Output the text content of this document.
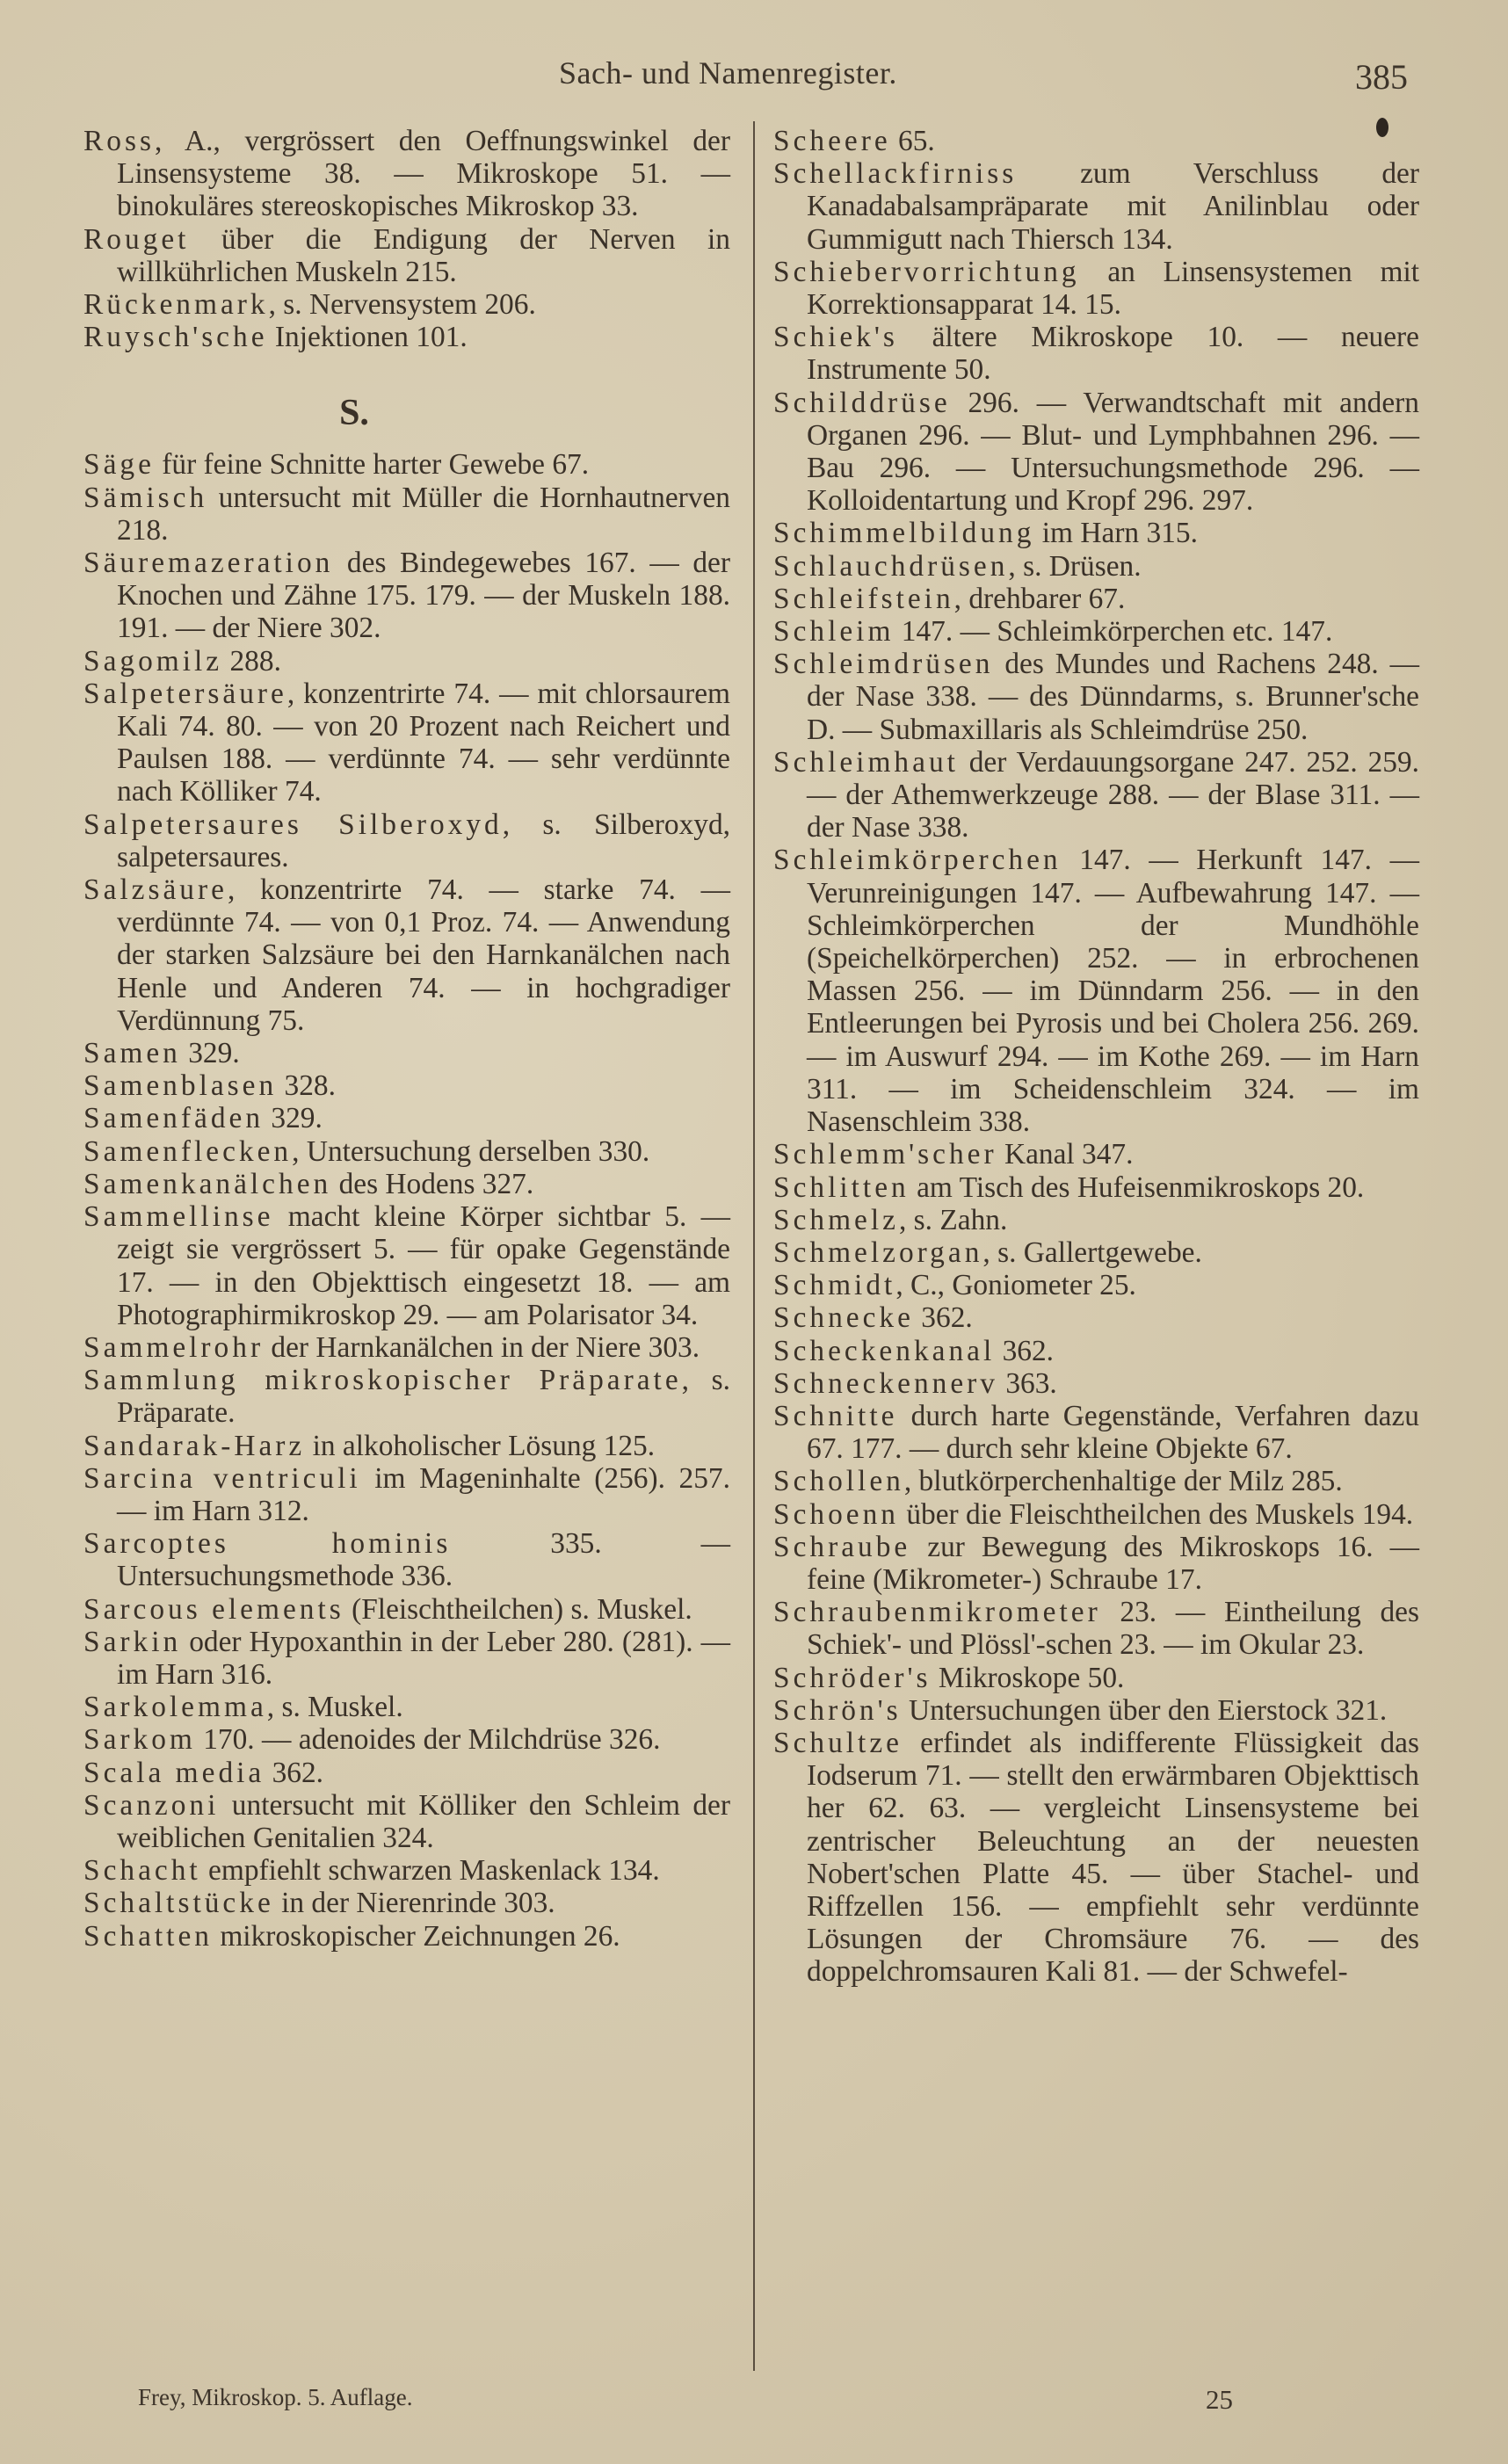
Sach- und Namenregister.	385

Ross, A., vergrössert den Oeffnungswinkel der Linsensysteme 38. — Mikroskope 51. — binokuläres stereoskopisches Mikroskop 33.

Rouget über die Endigung der Nerven in willkührlichen Muskeln 215.

Rückenmark, s. Nervensystem 206.

Ruysch'sche Injektionen 101.

S.

Säge für feine Schnitte harter Gewebe 67.

Sämisch untersucht mit Müller die Hornhautnerven 218.

Säuremazeration des Bindegewebes 167. — der Knochen und Zähne 175. 179. — der Muskeln 188. 191. — der Niere 302.

Sagomilz 288.

Salpetersäure, konzentrirte 74. — mit chlorsaurem Kali 74. 80. — von 20 Prozent nach Reichert und Paulsen 188. — verdünnte 74. — sehr verdünnte nach Kölliker 74.

Salpetersaures Silberoxyd, s. Silberoxyd, salpetersaures.

Salzsäure, konzentrirte 74. — starke 74. — verdünnte 74. — von 0,1 Proz. 74. — Anwendung der starken Salzsäure bei den Harnkanälchen nach Henle und Anderen 74. — in hochgradiger Verdünnung 75.

Samen 329.

Samenblasen 328.

Samenfäden 329.

Samenflecken, Untersuchung derselben 330.

Samenkanälchen des Hodens 327.

Sammellinse macht kleine Körper sichtbar 5. — zeigt sie vergrössert 5. — für opake Gegenstände 17. — in den Objekttisch eingesetzt 18. — am Photographirmikroskop 29. — am Polarisator 34.

Sammelrohr der Harnkanälchen in der Niere 303.

Sammlung mikroskopischer Präparate, s. Präparate.

Sandarak-Harz in alkoholischer Lösung 125.

Sarcina ventriculi im Mageninhalte (256). 257. — im Harn 312.

Sarcoptes hominis 335. — Untersuchungsmethode 336.

Sarcous elements (Fleischtheilchen) s. Muskel.

Sarkin oder Hypoxanthin in der Leber 280. (281). — im Harn 316.

Sarkolemma, s. Muskel.

Sarkom 170. — adenoides der Milchdrüse 326.

Scala media 362.

Scanzoni untersucht mit Kölliker den Schleim der weiblichen Genitalien 324.

Schacht empfiehlt schwarzen Maskenlack 134.

Schaltstücke in der Nierenrinde 303.

Schatten mikroskopischer Zeichnungen 26.

Scheere 65.

Schellackfirniss zum Verschluss der Kanadabalsampräparate mit Anilinblau oder Gummigutt nach Thiersch 134.

Schiebervorrichtung an Linsensystemen mit Korrektionsapparat 14. 15.

Schiek's ältere Mikroskope 10. — neuere Instrumente 50.

Schilddrüse 296. — Verwandtschaft mit andern Organen 296. — Blut- und Lymphbahnen 296. — Bau 296. — Untersuchungsmethode 296. — Kolloidentartung und Kropf 296. 297.

Schimmelbildung im Harn 315.

Schlauchdrüsen, s. Drüsen.

Schleifstein, drehbarer 67.

Schleim 147. — Schleimkörperchen etc. 147.

Schleimdrüsen des Mundes und Rachens 248. — der Nase 338. — des Dünndarms, s. Brunner'sche D. — Submaxillaris als Schleimdrüse 250.

Schleimhaut der Verdauungsorgane 247. 252. 259. — der Athemwerkzeuge 288. — der Blase 311. — der Nase 338.

Schleimkörperchen 147. — Herkunft 147. — Verunreinigungen 147. — Aufbewahrung 147. — Schleimkörperchen der Mundhöhle (Speichelkörperchen) 252. — in erbrochenen Massen 256. — im Dünndarm 256. — in den Entleerungen bei Pyrosis und bei Cholera 256. 269. — im Auswurf 294. — im Kothe 269. — im Harn 311. — im Scheidenschleim 324. — im Nasenschleim 338.

Schlemm'scher Kanal 347.

Schlitten am Tisch des Hufeisenmikroskops 20.

Schmelz, s. Zahn.

Schmelzorgan, s. Gallertgewebe.

Schmidt, C., Goniometer 25.

Schnecke 362.

Scheckenkanal 362.

Schneckennerv 363.

Schnitte durch harte Gegenstände, Verfahren dazu 67. 177. — durch sehr kleine Objekte 67.

Schollen, blutkörperchenhaltige der Milz 285.

Schoenn über die Fleischtheilchen des Muskels 194.

Schraube zur Bewegung des Mikroskops 16. — feine (Mikrometer-) Schraube 17.

Schraubenmikrometer 23. — Eintheilung des Schiek'- und Plössl'-schen 23. — im Okular 23.

Schröder's Mikroskope 50.

Schrön's Untersuchungen über den Eierstock 321.

Schultze erfindet als indifferente Flüssigkeit das Iodserum 71. — stellt den erwärmbaren Objekttisch her 62. 63. — vergleicht Linsensysteme bei zentrischer Beleuchtung an der neuesten Nobert'schen Platte 45. — über Stachel- und Riffzellen 156. — empfiehlt sehr verdünnte Lösungen der Chromsäure 76. — des doppelchromsauren Kali 81. — der Schwefel-

Frey, Mikroskop. 5. Auflage.	25
